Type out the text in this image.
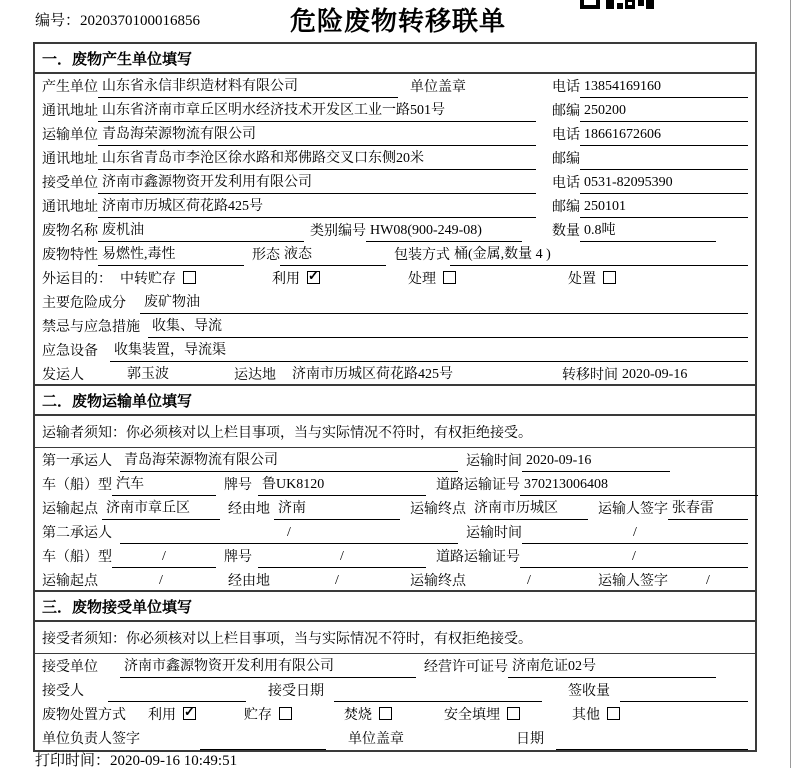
编号：2020370100016856	危险废物转移联单
一．废物产生单位填写
产生单位 山东省永信非织造材料有限公司	单位盖章	电话 13854169160
通讯地址 山东省济南市章丘区明水经济技术开发区工业一路501号	邮编 250200
运输单位 青岛海荣源物流有限公司	电话 18661672606
通讯地址 山东省青岛市李沧区徐水路和郑佛路交叉口东侧20米	邮编
接受单位 济南市鑫源物资开发利用有限公司	电话 0531-82095390
通讯地址 济南市历城区荷花路425号	邮编 250101
废物名称 废机油	类别编号 HW08(900-249-08)	数量 0.8吨
废物特性 易燃性,毒性	形态 液态	包装方式 桶(金属,数量 4 )
外运目的： 中转贮存	利用 ✓	处理	处置
主要危险成分 废矿物油
禁忌与应急措施 收集、导流
应急设备 收集装置，导流渠
发运人	郭玉波	运达地 济南市历城区荷花路425号	转移时间 2020-09-16
二．废物运输单位填写
运输者须知：你必须核对以上栏目事项，当与实际情况不符时，有权拒绝接受。
第一承运人 青岛海荣源物流有限公司	运输时间 2020-09-16
车（船）型 汽车	牌号 鲁UK8120	道路运输证号 370213006408
运输起点 济南市章丘区	经由地 济南	运输终点 济南市历城区	运输人签字 张春雷
第二承运人	/	运输时间	/
车（船）型	/	牌号	/	道路运输证号	/
运输起点	/	经由地	/	运输终点	/	运输人签字	/
三．废物接受单位填写
接受者须知：你必须核对以上栏目事项，当与实际情况不符时，有权拒绝接受。
接受单位 济南市鑫源物资开发利用有限公司	经营许可证号 济南危证02号
接受人	接受日期	签收量
废物处置方式 利用 ✓	贮存	焚烧	安全填埋	其他
单位负责人签字	单位盖章	日期
打印时间：2020-09-16 10:49:51
